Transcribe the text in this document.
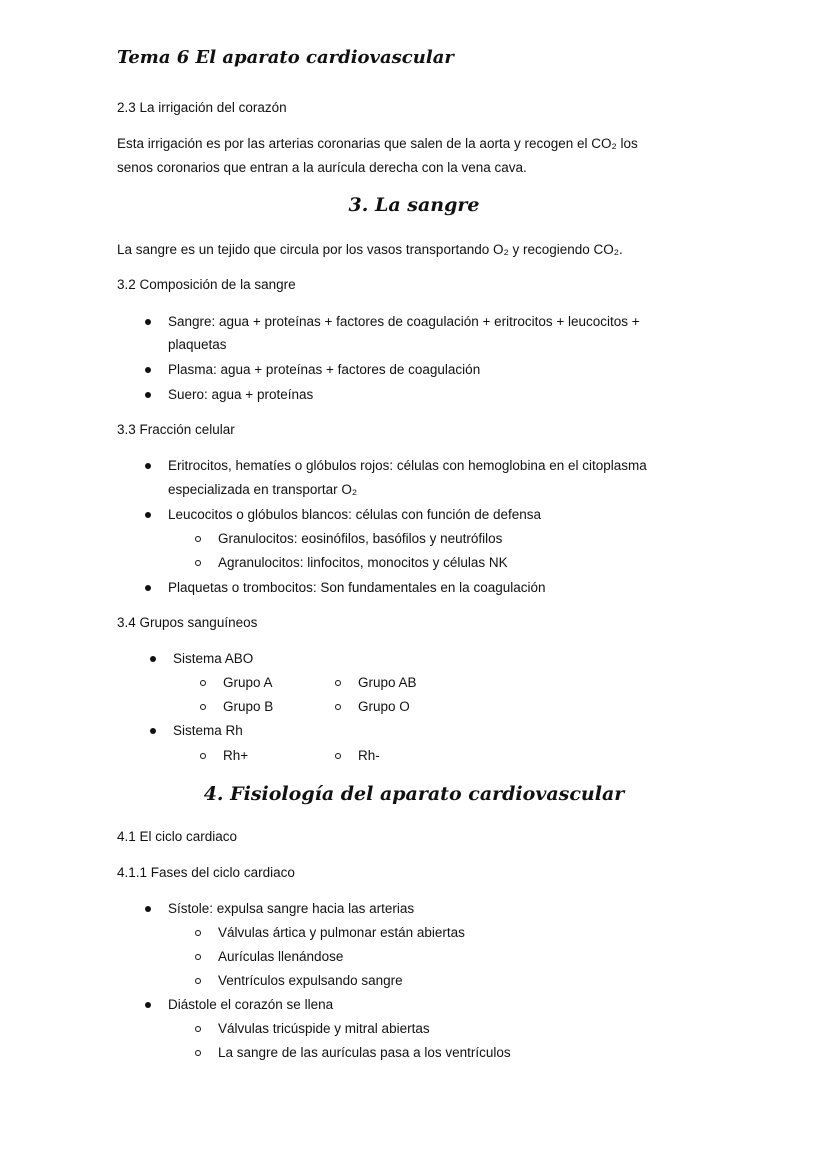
Tema 6 El aparato cardiovascular
2.3 La irrigación del corazón
Esta irrigación es por las arterias coronarias que salen de la aorta y recogen el CO₂ los
senos coronarios que entran a la aurícula derecha con la vena cava.
3. La sangre
La sangre es un tejido que circula por los vasos transportando O₂ y recogiendo CO₂.
3.2 Composición de la sangre
Sangre: agua + proteínas + factores de coagulación + eritrocitos + leucocitos +
plaquetas
Plasma: agua + proteínas + factores de coagulación
Suero: agua + proteínas
3.3 Fracción celular
Eritrocitos, hematíes o glóbulos rojos: células con hemoglobina en el citoplasma
especializada en transportar O₂
Leucocitos o glóbulos blancos: células con función de defensa
Granulocitos: eosinófilos, basófilos y neutrófilos
Agranulocitos: linfocitos, monocitos y células NK
Plaquetas o trombocitos: Son fundamentales en la coagulación
3.4 Grupos sanguíneos
Sistema ABO
Grupo A	Grupo AB
Grupo B	Grupo O
Sistema Rh
Rh+	Rh-
4. Fisiología del aparato cardiovascular
4.1 El ciclo cardiaco
4.1.1 Fases del ciclo cardiaco
Sístole: expulsa sangre hacia las arterias
Válvulas ártica y pulmonar están abiertas
Aurículas llenándose
Ventrículos expulsando sangre
Diástole el corazón se llena
Válvulas tricúspide y mitral abiertas
La sangre de las aurículas pasa a los ventrículos
